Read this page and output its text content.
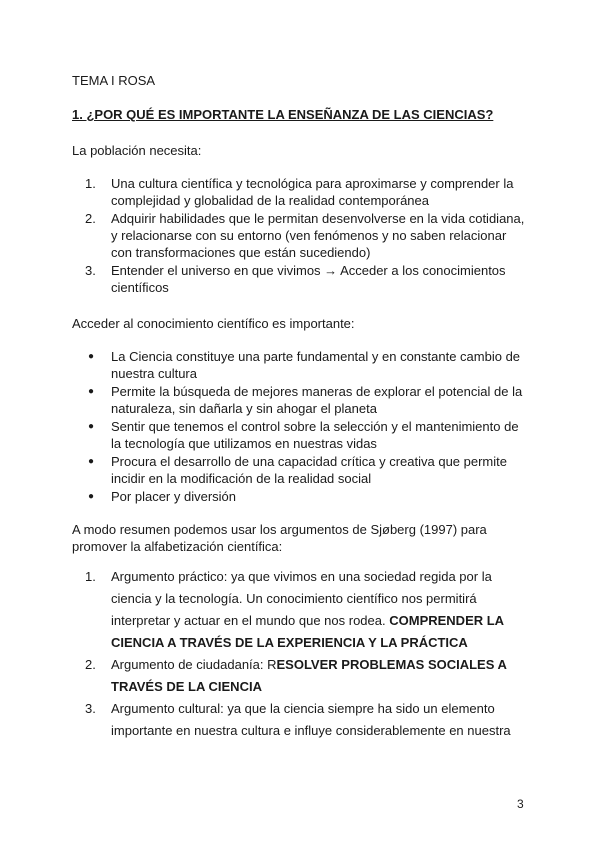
TEMA I ROSA
1. ¿POR QUÉ ES IMPORTANTE LA ENSEÑANZA DE LAS CIENCIAS?
La población necesita:
1. Una cultura científica y tecnológica para aproximarse y comprender la complejidad y globalidad de la realidad contemporánea
2. Adquirir habilidades que le permitan desenvolverse en la vida cotidiana, y relacionarse con su entorno (ven fenómenos y no saben relacionar con transformaciones que están sucediendo)
3. Entender el universo en que vivimos → Acceder a los conocimientos científicos
Acceder al conocimiento científico es importante:
● La Ciencia constituye una parte fundamental y en constante cambio de nuestra cultura
● Permite la búsqueda de mejores maneras de explorar el potencial de la naturaleza, sin dañarla y sin ahogar el planeta
● Sentir que tenemos el control sobre la selección y el mantenimiento de la tecnología que utilizamos en nuestras vidas
● Procura el desarrollo de una capacidad crítica y creativa que permite incidir en la modificación de la realidad social
● Por placer y diversión
A modo resumen podemos usar los argumentos de Sjøberg (1997) para
promover la alfabetización científica:
1. Argumento práctico: ya que vivimos en una sociedad regida por la ciencia y la tecnología. Un conocimiento científico nos permitirá interpretar y actuar en el mundo que nos rodea. COMPRENDER LA CIENCIA A TRAVÉS DE LA EXPERIENCIA Y LA PRÁCTICA
2. Argumento de ciudadanía: RESOLVER PROBLEMAS SOCIALES A TRAVÉS DE LA CIENCIA
3. Argumento cultural: ya que la ciencia siempre ha sido un elemento importante en nuestra cultura e influye considerablemente en nuestra
3
